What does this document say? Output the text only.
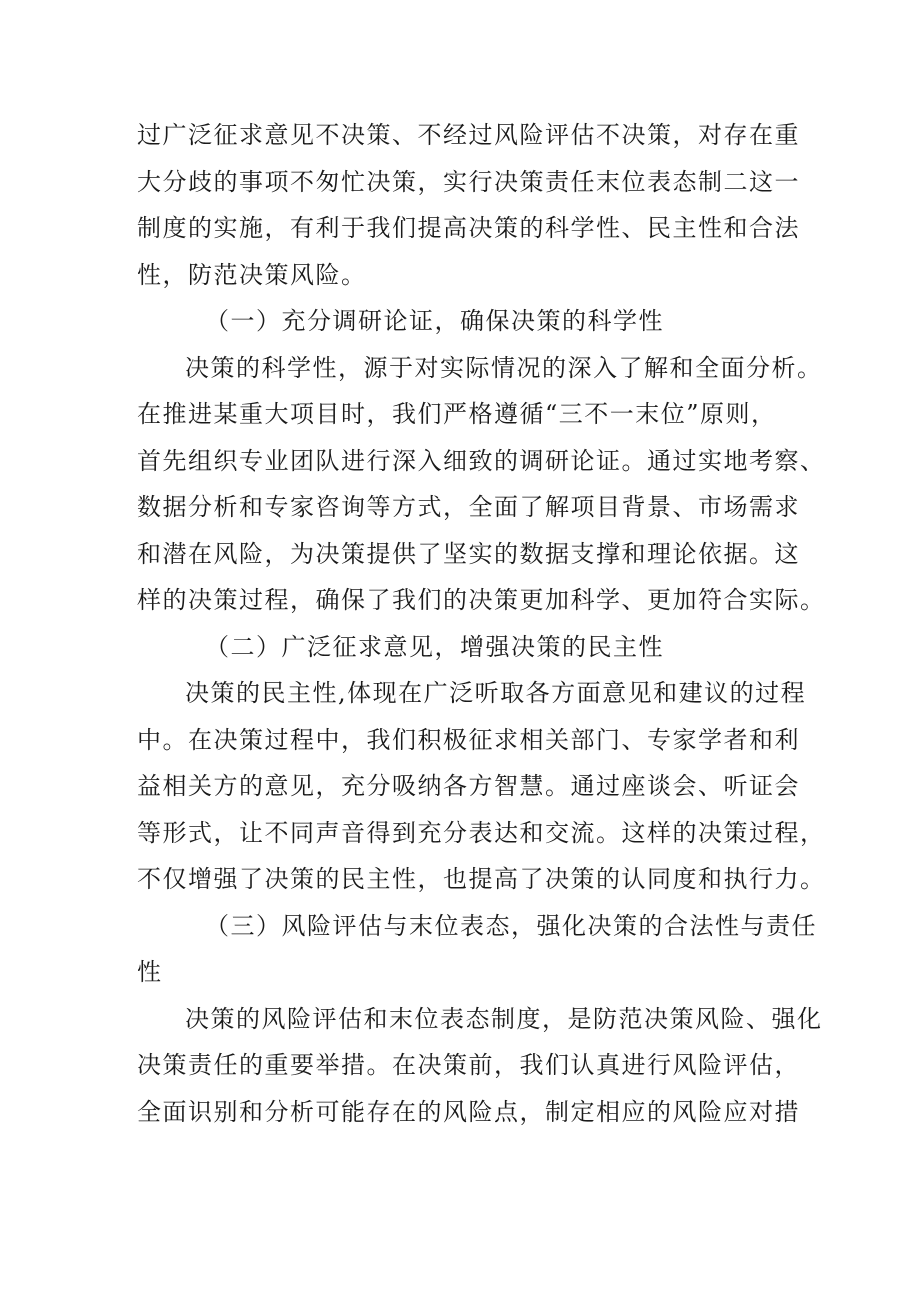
过广泛征求意见不决策、不经过风险评估不决策，对存在重
大分歧的事项不匆忙决策，实行决策责任末位表态制二这一
制度的实施，有利于我们提高决策的科学性、民主性和合法
性，防范决策风险。
（一）充分调研论证，确保决策的科学性
决策的科学性，源于对实际情况的深入了解和全面分析。
在推进某重大项目时，我们严格遵循“三不一末位”原则，
首先组织专业团队进行深入细致的调研论证。通过实地考察、
数据分析和专家咨询等方式，全面了解项目背景、市场需求
和潜在风险，为决策提供了坚实的数据支撑和理论依据。这
样的决策过程，确保了我们的决策更加科学、更加符合实际。
（二）广泛征求意见，增强决策的民主性
决策的民主性,体现在广泛听取各方面意见和建议的过程
中。在决策过程中，我们积极征求相关部门、专家学者和利
益相关方的意见，充分吸纳各方智慧。通过座谈会、听证会
等形式，让不同声音得到充分表达和交流。这样的决策过程，
不仅增强了决策的民主性，也提高了决策的认同度和执行力。
（三）风险评估与末位表态，强化决策的合法性与责任
性
决策的风险评估和末位表态制度，是防范决策风险、强化
决策责任的重要举措。在决策前，我们认真进行风险评估，
全面识别和分析可能存在的风险点，制定相应的风险应对措
